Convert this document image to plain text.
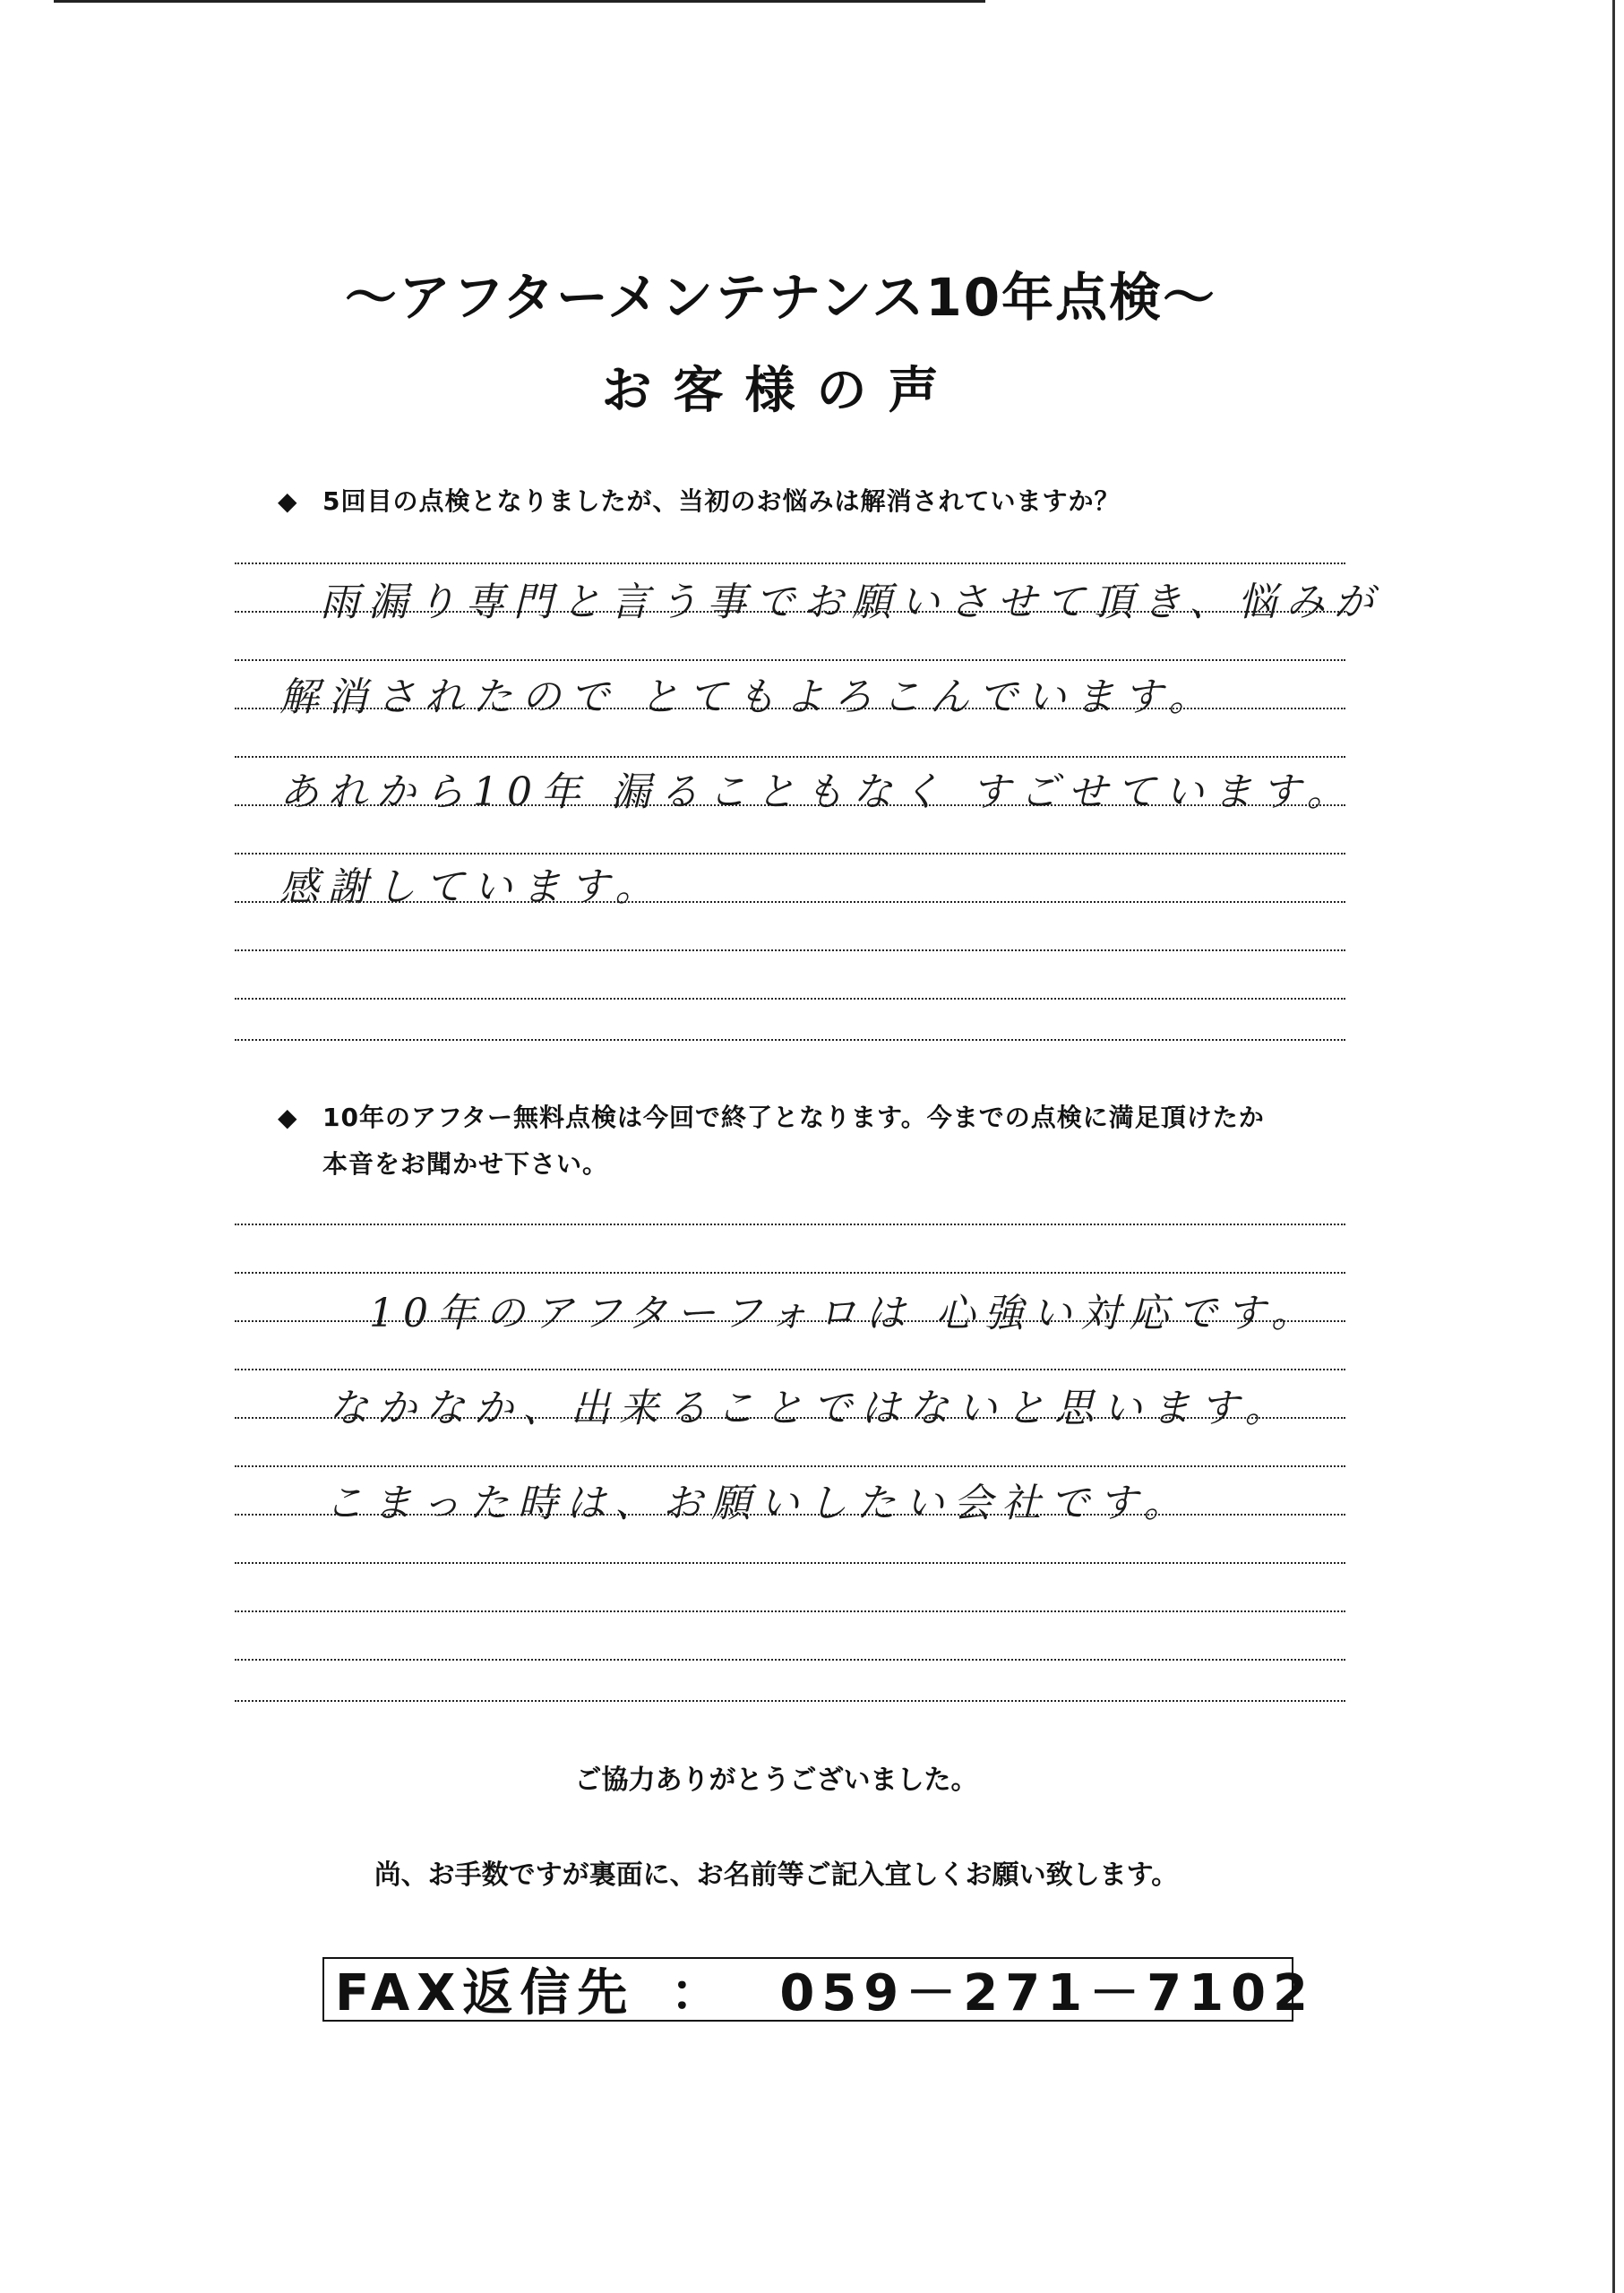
〜アフターメンテナンス10年点検〜
お客様の声
◆ 5回目の点検となりましたが、当初のお悩みは解消されていますか？
雨漏り専門と言う事でお願いさせて頂き、悩みが
解消されたので とてもよろこんでいます。
あれから10年 漏ることもなく すごせています。
感謝しています。
◆ 10年のアフター無料点検は今回で終了となります。今までの点検に満足頂けたか
本音をお聞かせ下さい。
10年のアフターフォロは 心強い対応です。
なかなか、出来ることではないと思います。
こまった時は、お願いしたい会社です。
ご協力ありがとうございました。
尚、お手数ですが裏面に、お名前等ご記入宜しくお願い致します。
FAX返信先 ： 059－271－7102
